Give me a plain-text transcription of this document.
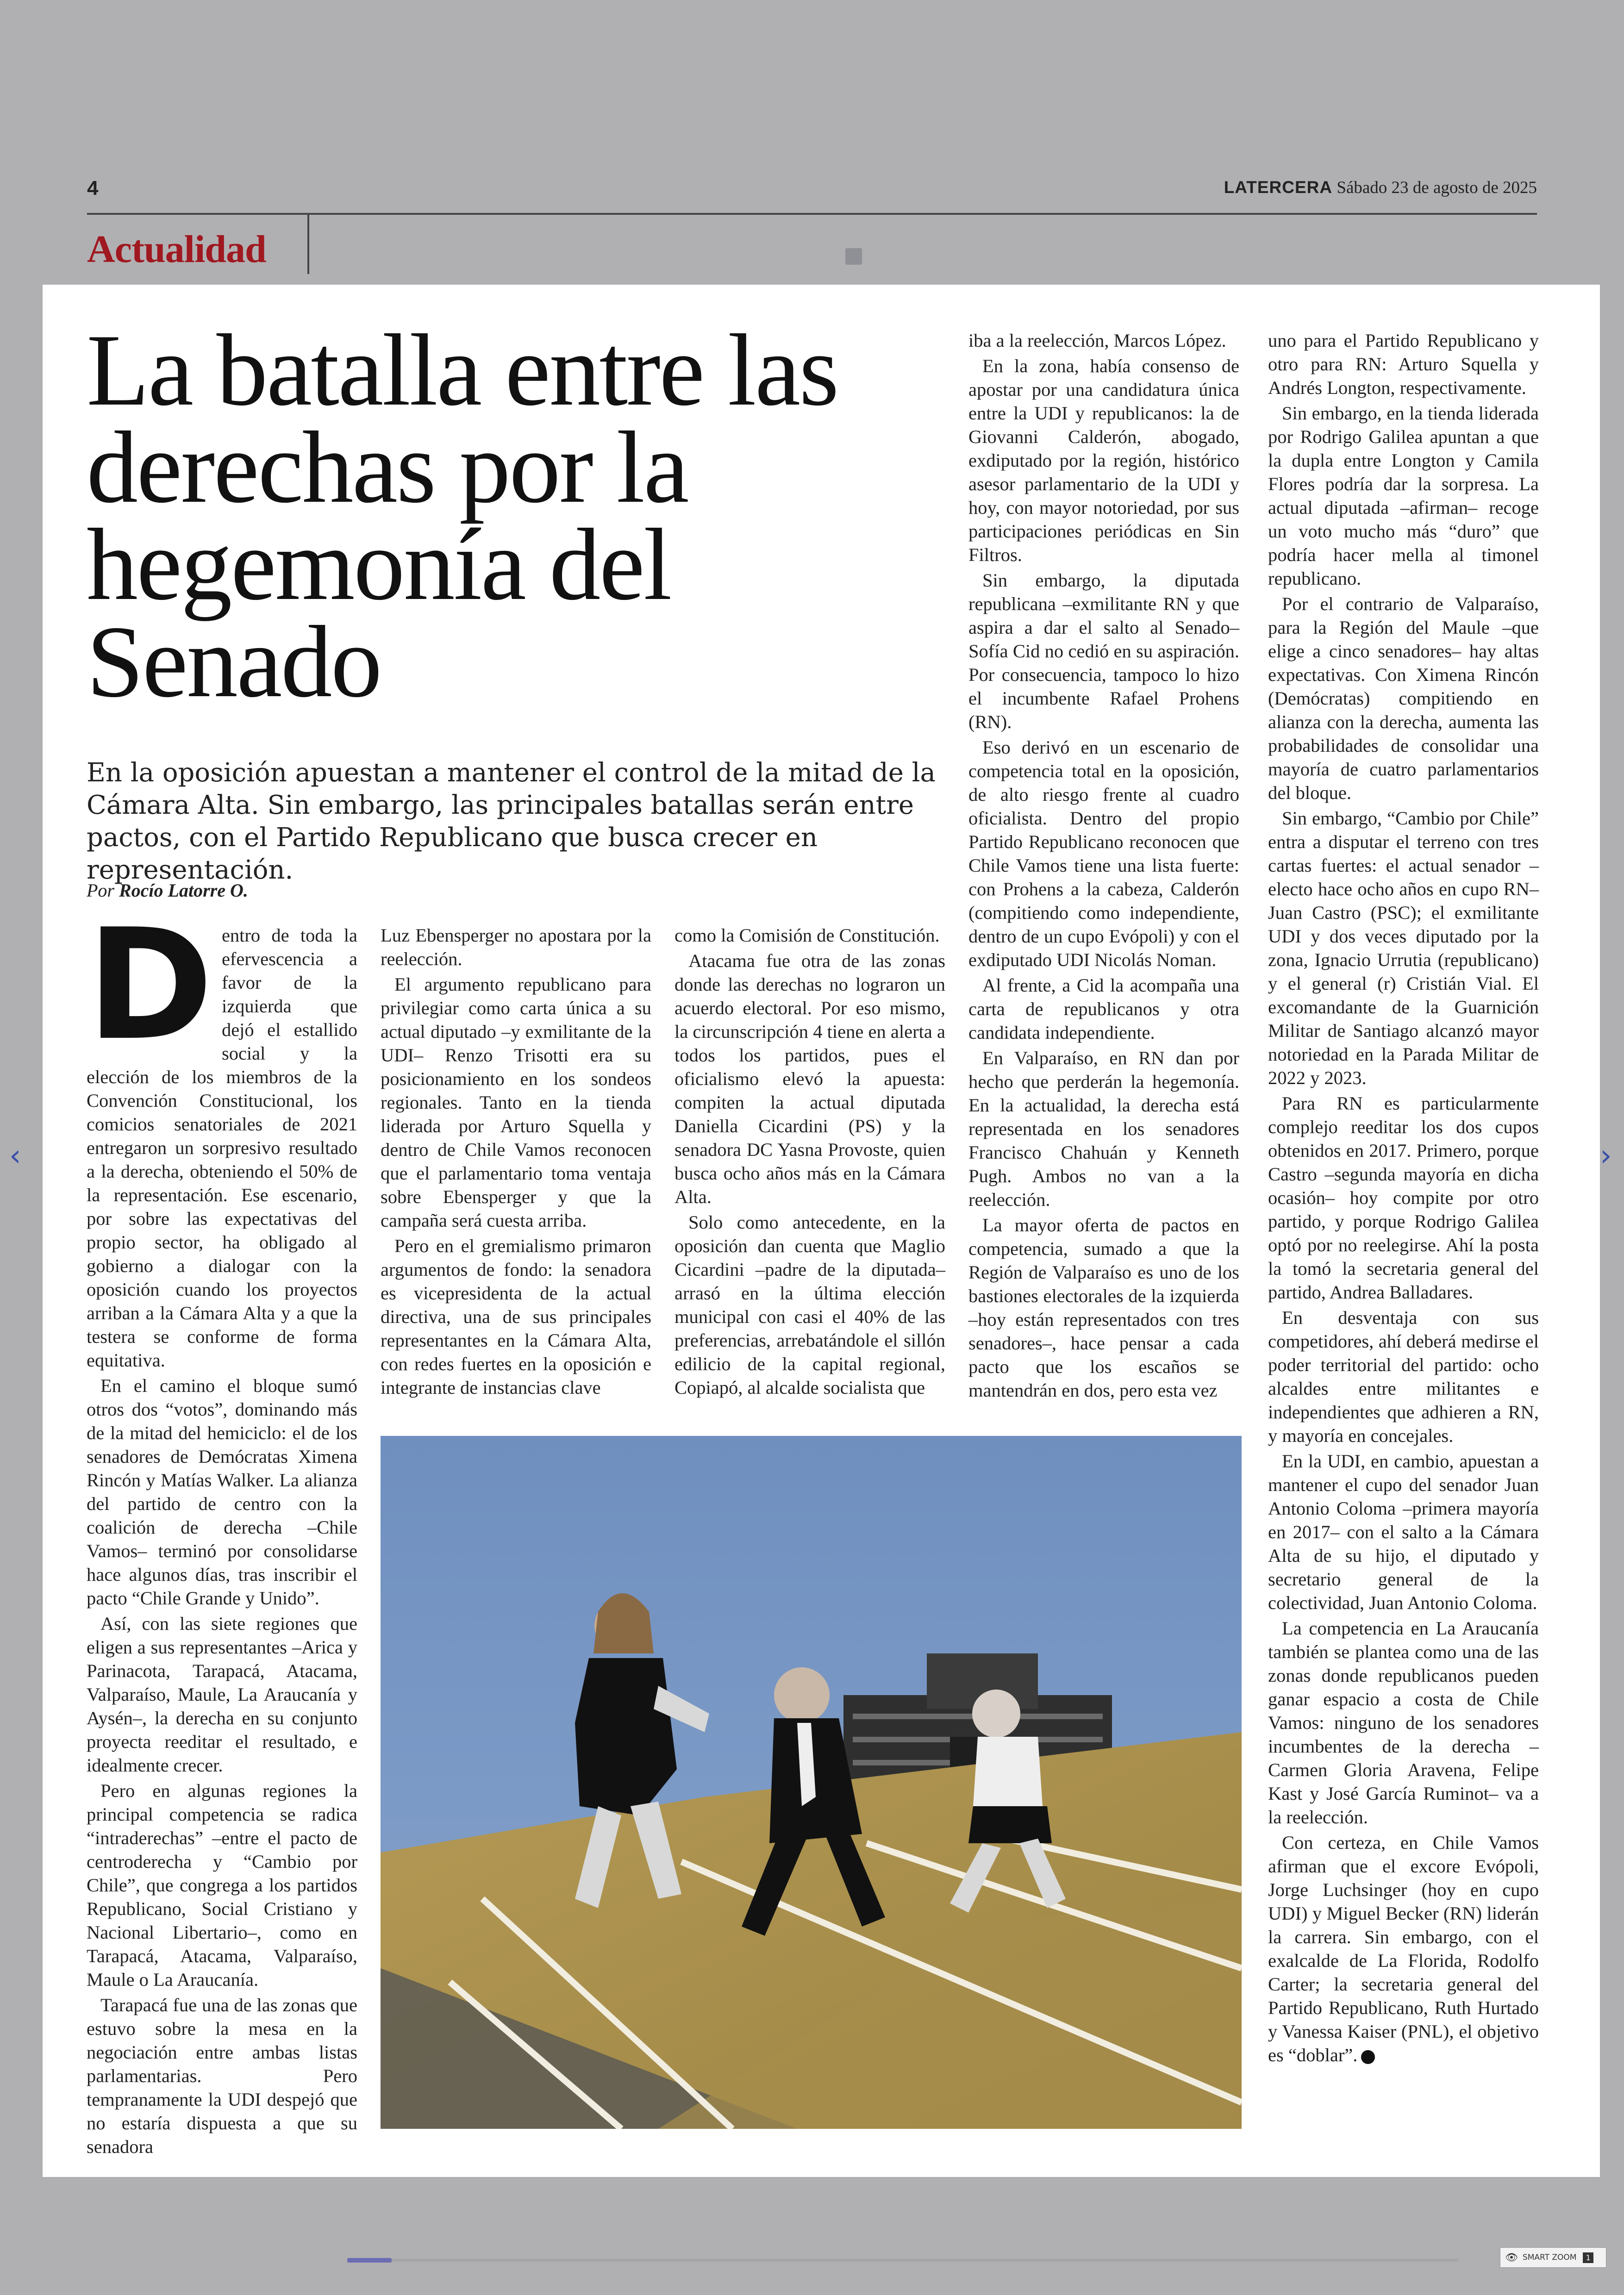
4	LATERCERA Sábado 23 de agosto de 2025
Actualidad
La batalla entre las derechas por la hegemonía del Senado

En la oposición apuestan a mantener el control de la mitad de la Cámara Alta. Sin embargo, las principales batallas serán entre pactos, con el Partido Republicano que busca crecer en representación.

Por Rocío Latorre O.
D entro de toda la efervescencia a favor de la izquierda que dejó el estallido social y la elección de los miembros de la Convención Constitucional, los comicios senatoriales de 2021 entregaron un sorpresivo resultado a la derecha, obteniendo el 50% de la representación. Ese escenario, por sobre las expectativas del propio sector, ha obligado al gobierno a dialogar con la oposición cuando los proyectos arriban a la Cámara Alta y a que la testera se conforme de forma equitativa.

En el camino el bloque sumó otros dos “votos”, dominando más de la mitad del hemiciclo: el de los senadores de Demócratas Ximena Rincón y Matías Walker. La alianza del partido de centro con la coalición de derecha –Chile Vamos– terminó por consolidarse hace algunos días, tras inscribir el pacto “Chile Grande y Unido”.

Así, con las siete regiones que eligen a sus representantes –Arica y Parinacota, Tarapacá, Atacama, Valparaíso, Maule, La Araucanía y Aysén–, la derecha en su conjunto proyecta reeditar el resultado, e idealmente crecer.

Pero en algunas regiones la principal competencia se radica “intraderechas” –entre el pacto de centroderecha y “Cambio por Chile”, que congrega a los partidos Republicano, Social Cristiano y Nacional Libertario–, como en Tarapacá, Atacama, Valparaíso, Maule o La Araucanía.

Tarapacá fue una de las zonas que estuvo sobre la mesa en la negociación entre ambas listas parlamentarias. Pero tempranamente la UDI despejó que no estaría dispuesta a que su senadora

Luz Ebensperger no apostara por la reelección.

El argumento republicano para privilegiar como carta única a su actual diputado –y exmilitante de la UDI– Renzo Trisotti era su posicionamiento en los sondeos regionales. Tanto en la tienda liderada por Arturo Squella y dentro de Chile Vamos reconocen que el parlamentario toma ventaja sobre Ebensperger y que la campaña será cuesta arriba.

Pero en el gremialismo primaron argumentos de fondo: la senadora es vicepresidenta de la actual directiva, una de sus principales representantes en la Cámara Alta, con redes fuertes en la oposición e integrante de instancias clave

como la Comisión de Constitución.

Atacama fue otra de las zonas donde las derechas no lograron un acuerdo electoral. Por eso mismo, la circunscripción 4 tiene en alerta a todos los partidos, pues el oficialismo elevó la apuesta: compiten la actual diputada Daniella Cicardini (PS) y la senadora DC Yasna Provoste, quien busca ocho años más en la Cámara Alta.

Solo como antecedente, en la oposición dan cuenta que Maglio Cicardini –padre de la diputada– arrasó en la última elección municipal con casi el 40% de las preferencias, arrebatándole el sillón edilicio de la capital regional, Copiapó, al alcalde socialista que

iba a la reelección, Marcos López.

En la zona, había consenso de apostar por una candidatura única entre la UDI y republicanos: la de Giovanni Calderón, abogado, exdiputado por la región, histórico asesor parlamentario de la UDI y hoy, con mayor notoriedad, por sus participaciones periódicas en Sin Filtros.

Sin embargo, la diputada republicana –exmilitante RN y que aspira a dar el salto al Senado– Sofía Cid no cedió en su aspiración. Por consecuencia, tampoco lo hizo el incumbente Rafael Prohens (RN).

Eso derivó en un escenario de competencia total en la oposición, de alto riesgo frente al cuadro oficialista. Dentro del propio Partido Republicano reconocen que Chile Vamos tiene una lista fuerte: con Prohens a la cabeza, Calderón (compitiendo como independiente, dentro de un cupo Evópoli) y con el exdiputado UDI Nicolás Noman.

Al frente, a Cid la acompaña una carta de republicanos y otra candidata independiente.

En Valparaíso, en RN dan por hecho que perderán la hegemonía. En la actualidad, la derecha está representada en los senadores Francisco Chahuán y Kenneth Pugh. Ambos no van a la reelección.

La mayor oferta de pactos en competencia, sumado a que la Región de Valparaíso es uno de los bastiones electorales de la izquierda –hoy están representados con tres senadores–, hace pensar a cada pacto que los escaños se mantendrán en dos, pero esta vez

uno para el Partido Republicano y otro para RN: Arturo Squella y Andrés Longton, respectivamente.

Sin embargo, en la tienda liderada por Rodrigo Galilea apuntan a que la dupla entre Longton y Camila Flores podría dar la sorpresa. La actual diputada –afirman– recoge un voto mucho más “duro” que podría hacer mella al timonel republicano.

Por el contrario de Valparaíso, para la Región del Maule –que elige a cinco senadores– hay altas expectativas. Con Ximena Rincón (Demócratas) compitiendo en alianza con la derecha, aumenta las probabilidades de consolidar una mayoría de cuatro parlamentarios del bloque.

Sin embargo, “Cambio por Chile” entra a disputar el terreno con tres cartas fuertes: el actual senador –electo hace ocho años en cupo RN– Juan Castro (PSC); el exmilitante UDI y dos veces diputado por la zona, Ignacio Urrutia (republicano) y el general (r) Cristián Vial. El excomandante de la Guarnición Militar de Santiago alcanzó mayor notoriedad en la Parada Militar de 2022 y 2023.

Para RN es particularmente complejo reeditar los dos cupos obtenidos en 2017. Primero, porque Castro –segunda mayoría en dicha ocasión– hoy compite por otro partido, y porque Rodrigo Galilea optó por no reelegirse. Ahí la posta la tomó la secretaria general del partido, Andrea Balladares.

En desventaja con sus competidores, ahí deberá medirse el poder territorial del partido: ocho alcaldes entre militantes e independientes que adhieren a RN, y mayoría en concejales.

En la UDI, en cambio, apuestan a mantener el cupo del senador Juan Antonio Coloma –primera mayoría en 2017– con el salto a la Cámara Alta de su hijo, el diputado y secretario general de la colectividad, Juan Antonio Coloma.

La competencia en La Araucanía también se plantea como una de las zonas donde republicanos pueden ganar espacio a costa de Chile Vamos: ninguno de los senadores incumbentes de la derecha –Carmen Gloria Aravena, Felipe Kast y José García Ruminot– va a la reelección.

Con certeza, en Chile Vamos afirman que el excore Evópoli, Jorge Luchsinger (hoy en cupo UDI) y Miguel Becker (RN) liderán la carrera. Sin embargo, con el exalcalde de La Florida, Rodolfo Carter; la secretaria general del Partido Republicano, Ruth Hurtado y Vanessa Kaiser (PNL), el objetivo es “doblar”.

‹	›
👁 SMART ZOOM	1
